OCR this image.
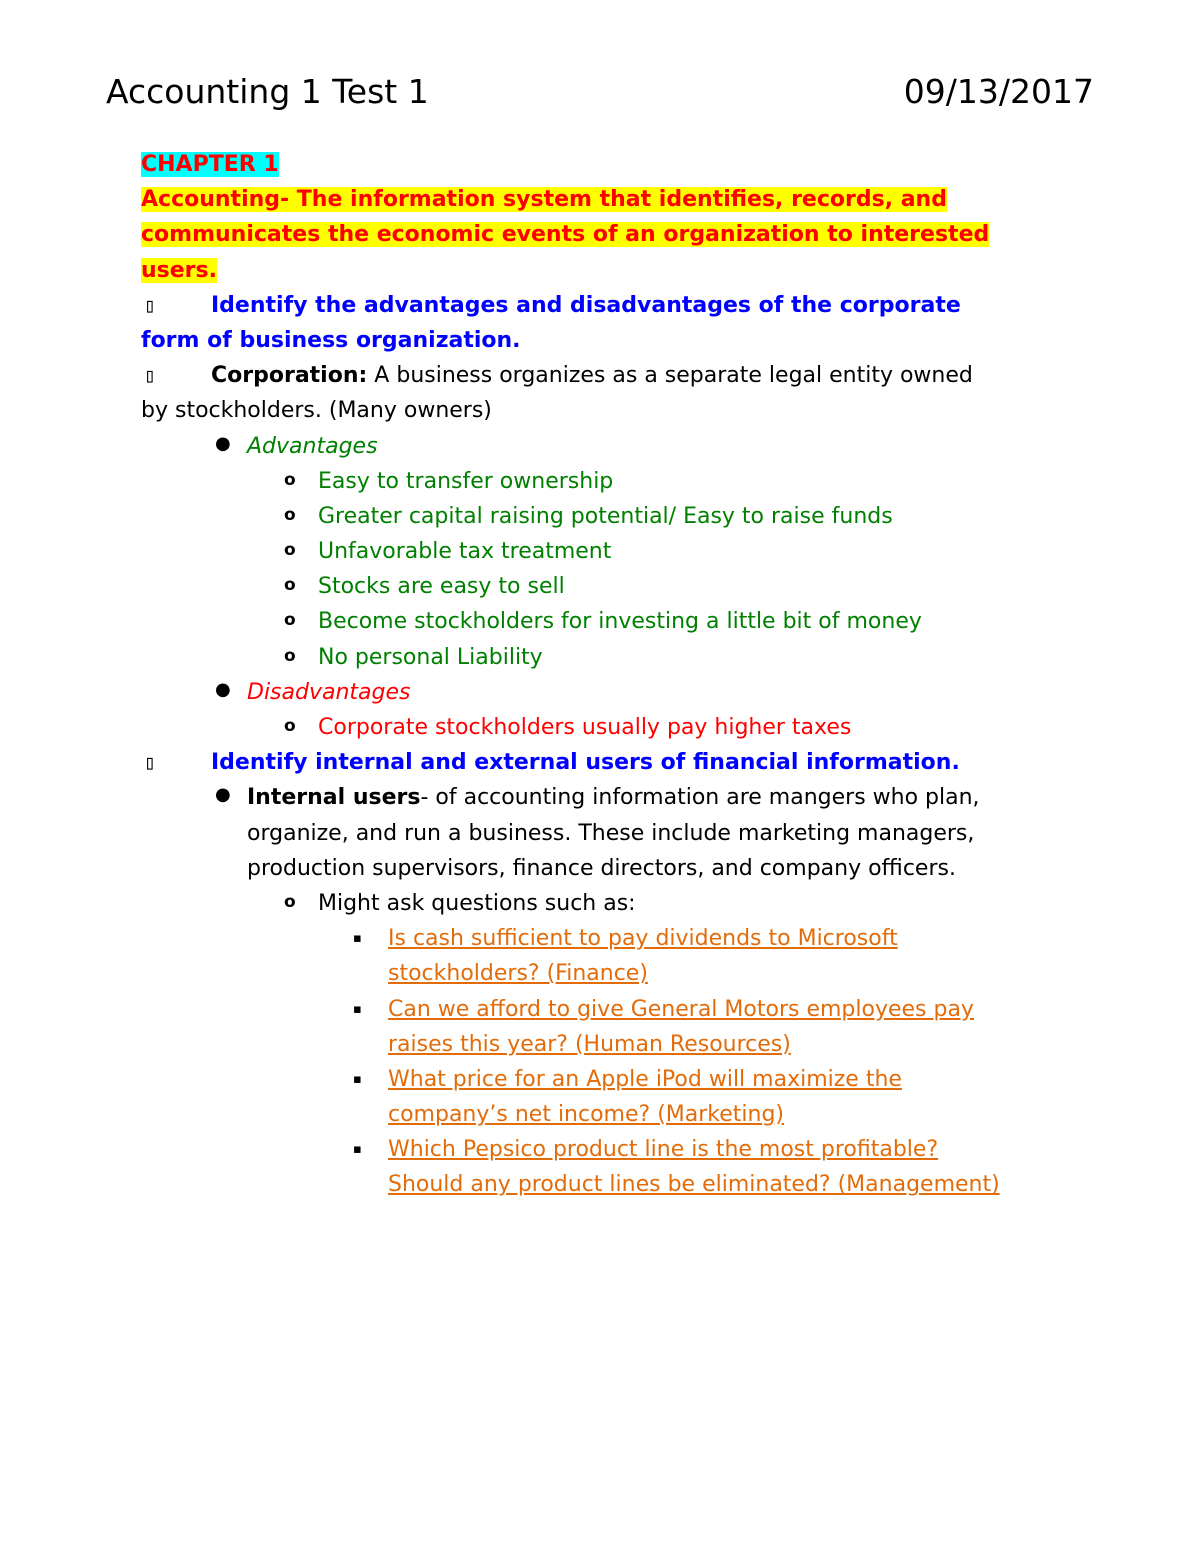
Accounting 1 Test 1	09/13/2017
CHAPTER 1
Accounting- The information system that identifies, records, and
communicates the economic events of an organization to interested
users.
▯ Identify the advantages and disadvantages of the corporate
form of business organization.
▯ Corporation: A business organizes as a separate legal entity owned
by stockholders. (Many owners)
● Advantages
o Easy to transfer ownership
o Greater capital raising potential/ Easy to raise funds
o Unfavorable tax treatment
o Stocks are easy to sell
o Become stockholders for investing a little bit of money
o No personal Liability
● Disadvantages
o Corporate stockholders usually pay higher taxes
▯ Identify internal and external users of financial information.
● Internal users- of accounting information are mangers who plan,
organize, and run a business. These include marketing managers,
production supervisors, finance directors, and company officers.
o Might ask questions such as:
▪ Is cash sufficient to pay dividends to Microsoft
stockholders? (Finance)
▪ Can we afford to give General Motors employees pay
raises this year? (Human Resources)
▪ What price for an Apple iPod will maximize the
company’s net income? (Marketing)
▪ Which Pepsico product line is the most profitable?
Should any product lines be eliminated? (Management)
